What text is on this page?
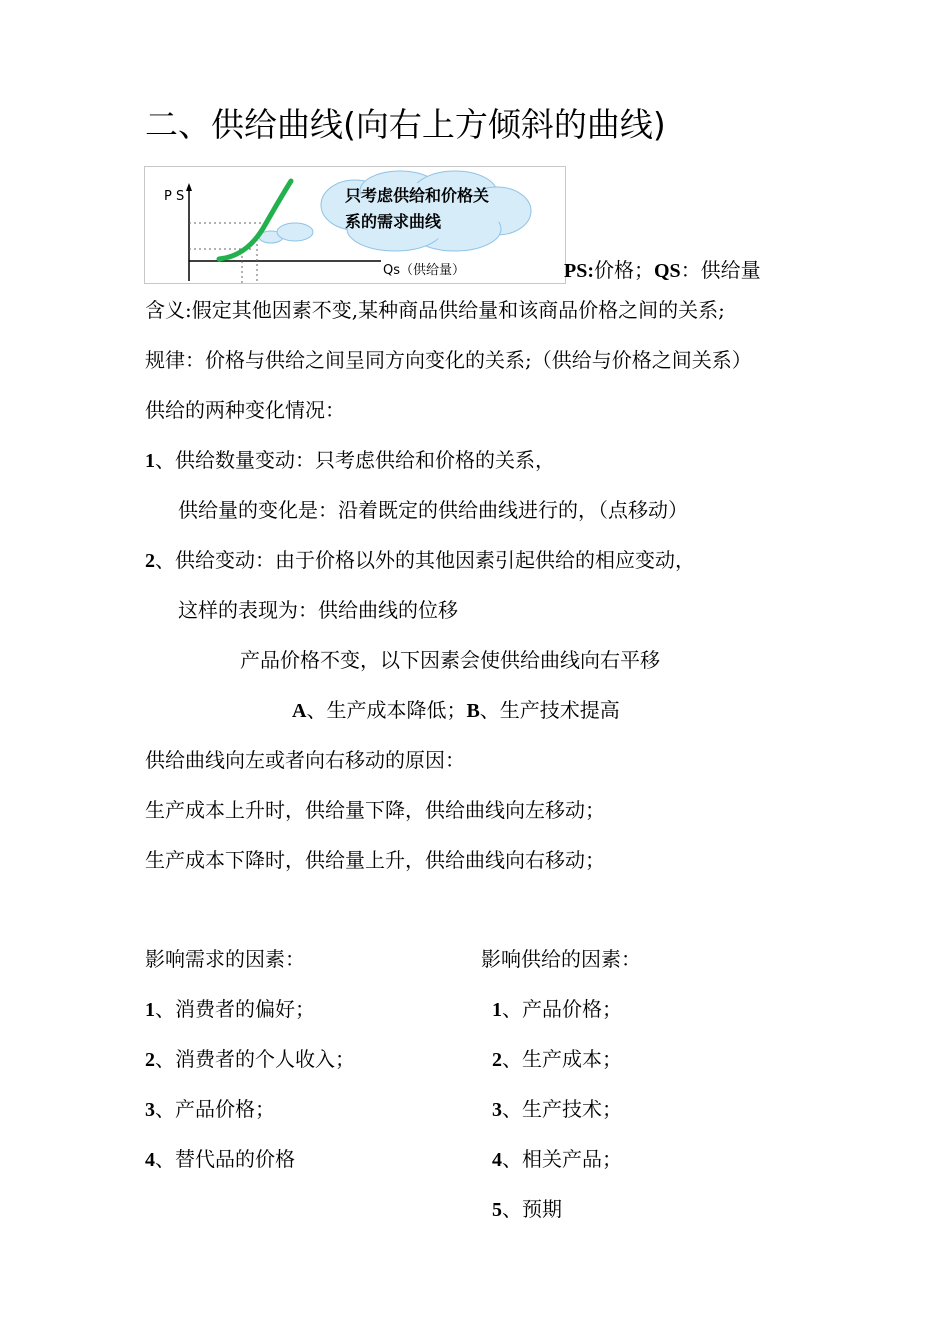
二、供给曲线(向右上方倾斜的曲线)
P S
Qs（供给量）
只考虑供给和价格关
系的需求曲线
PS:价格；QS：供给量
含义:假定其他因素不变,某种商品供给量和该商品价格之间的关系;
规律：价格与供给之间呈同方向变化的关系;（供给与价格之间关系）
供给的两种变化情况：
1、供给数量变动：只考虑供给和价格的关系，
供给量的变化是：沿着既定的供给曲线进行的，（点移动）
2、供给变动：由于价格以外的其他因素引起供给的相应变动，
这样的表现为：供给曲线的位移
产品价格不变，以下因素会使供给曲线向右平移
A、生产成本降低；B、生产技术提高
供给曲线向左或者向右移动的原因：
生产成本上升时，供给量下降，供给曲线向左移动；
生产成本下降时，供给量上升，供给曲线向右移动；
影响需求的因素：
1、消费者的偏好；
2、消费者的个人收入；
3、产品价格；
4、替代品的价格
影响供给的因素：
1、产品价格；
2、生产成本；
3、生产技术；
4、相关产品；
5、预期
